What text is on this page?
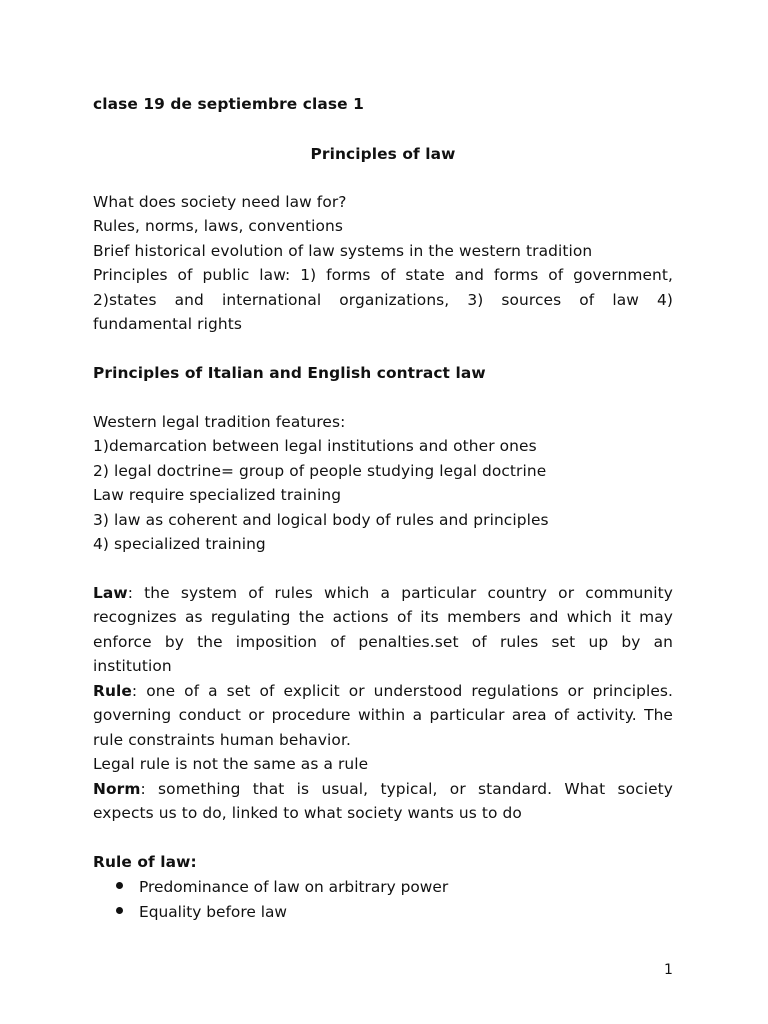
clase 19 de septiembre clase 1
Principles of law
What does society need law for?
Rules, norms, laws, conventions
Brief historical evolution of law systems in the western tradition
Principles of public law: 1) forms of state and forms of government,
2)states and international organizations, 3) sources of law 4)
fundamental rights
Principles of Italian and English contract law
Western legal tradition features:
1)demarcation between legal institutions and other ones
2) legal doctrine= group of people studying legal doctrine
Law require specialized training
3) law as coherent and logical body of rules and principles
4) specialized training
Law: the system of rules which a particular country or community
recognizes as regulating the actions of its members and which it may
enforce by the imposition of penalties.set of rules set up by an
institution
Rule: one of a set of explicit or understood regulations or principles.
governing conduct or procedure within a particular area of activity. The
rule constraints human behavior.
Legal rule is not the same as a rule
Norm: something that is usual, typical, or standard. What society
expects us to do, linked to what society wants us to do
Rule of law:
Predominance of law on arbitrary power
Equality before law
1
